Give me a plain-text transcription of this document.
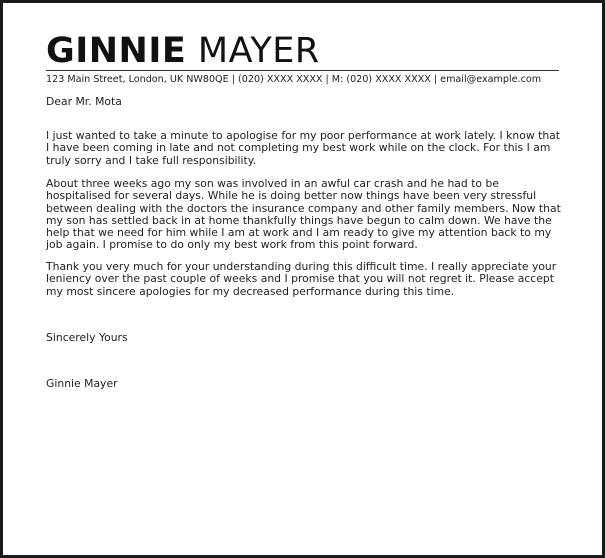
GINNIE MAYER
123 Main Street, London, UK NW80QE | (020) XXXX XXXX | M: (020) XXXX XXXX | email@example.com

Dear Mr. Mota

I just wanted to take a minute to apologise for my poor performance at work lately. I know that I have been coming in late and not completing my best work while on the clock. For this I am truly sorry and I take full responsibility.

About three weeks ago my son was involved in an awful car crash and he had to be hospitalised for several days. While he is doing better now things have been very stressful between dealing with the doctors the insurance company and other family members. Now that my son has settled back in at home thankfully things have begun to calm down. We have the help that we need for him while I am at work and I am ready to give my attention back to my job again. I promise to do only my best work from this point forward.

Thank you very much for your understanding during this difficult time. I really appreciate your leniency over the past couple of weeks and I promise that you will not regret it. Please accept my most sincere apologies for my decreased performance during this time.

Sincerely Yours

Ginnie Mayer
